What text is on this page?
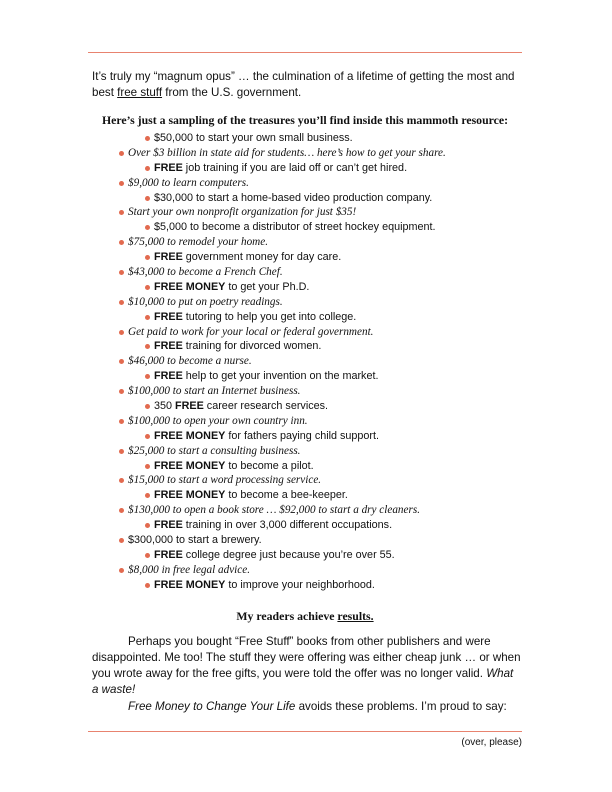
It’s truly my “magnum opus” … the culmination of a lifetime of getting the most and best free stuff from the U.S. government.

Here’s just a sampling of the treasures you’ll find inside this mammoth resource:

$50,000 to start your own small business.
Over $3 billion in state aid for students… here’s how to get your share.
FREE job training if you are laid off or can’t get hired.
$9,000 to learn computers.
$30,000 to start a home-based video production company.
Start your own nonprofit organization for just $35!
$5,000 to become a distributor of street hockey equipment.
$75,000 to remodel your home.
FREE government money for day care.
$43,000 to become a French Chef.
FREE MONEY to get your Ph.D.
$10,000 to put on poetry readings.
FREE tutoring to help you get into college.
Get paid to work for your local or federal government.
FREE training for divorced women.
$46,000 to become a nurse.
FREE help to get your invention on the market.
$100,000 to start an Internet business.
350 FREE career research services.
$100,000 to open your own country inn.
FREE MONEY for fathers paying child support.
$25,000 to start a consulting business.
FREE MONEY to become a pilot.
$15,000 to start a word processing service.
FREE MONEY to become a bee-keeper.
$130,000 to open a book store … $92,000 to start a dry cleaners.
FREE training in over 3,000 different occupations.
$300,000 to start a brewery.
FREE college degree just because you’re over 55.
$8,000 in free legal advice.
FREE MONEY to improve your neighborhood.

My readers achieve results.

Perhaps you bought “Free Stuff” books from other publishers and were disappointed. Me too! The stuff they were offering was either cheap junk … or when you wrote away for the free gifts, you were told the offer was no longer valid. What a waste!

Free Money to Change Your Life avoids these problems. I’m proud to say:

(over, please)
